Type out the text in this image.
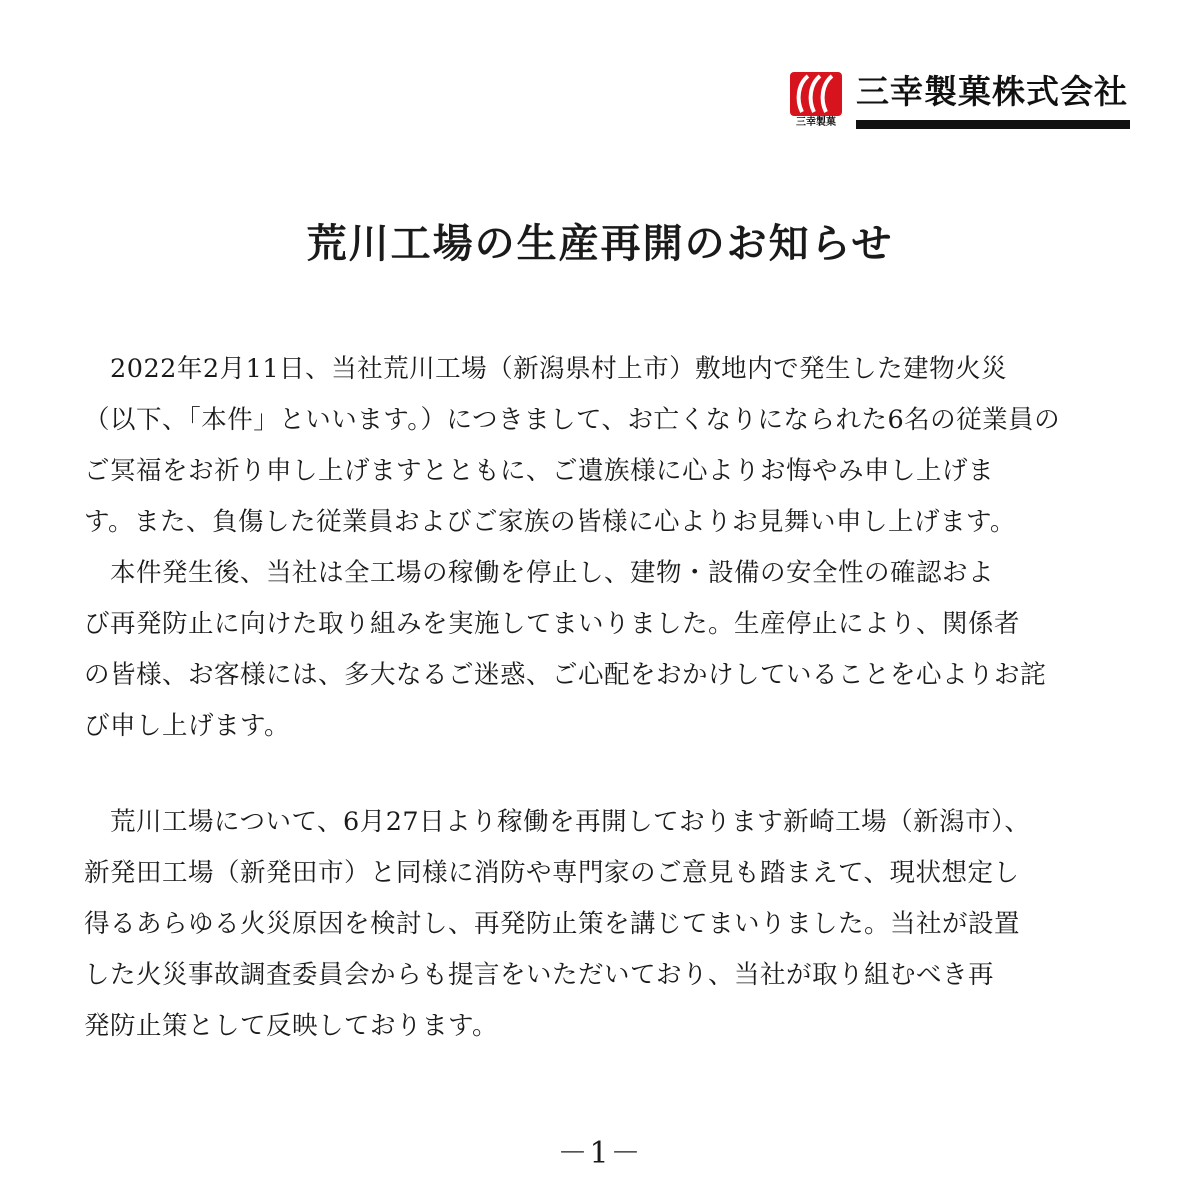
三幸製菓
三幸製菓株式会社
荒川工場の生産再開のお知らせ
　2022年2月11日、当社荒川工場（新潟県村上市）敷地内で発生した建物火災
（以下、「本件」といいます。）につきまして、お亡くなりになられた6名の従業員の
ご冥福をお祈り申し上げますとともに、ご遺族様に心よりお悔やみ申し上げま
す。また、負傷した従業員およびご家族の皆様に心よりお見舞い申し上げます。
　本件発生後、当社は全工場の稼働を停止し、建物・設備の安全性の確認およ
び再発防止に向けた取り組みを実施してまいりました。生産停止により、関係者
の皆様、お客様には、多大なるご迷惑、ご心配をおかけしていることを心よりお詫
び申し上げます。
　荒川工場について、6月27日より稼働を再開しております新崎工場（新潟市）、
新発田工場（新発田市）と同様に消防や専門家のご意見も踏まえて、現状想定し
得るあらゆる火災原因を検討し、再発防止策を講じてまいりました。当社が設置
した火災事故調査委員会からも提言をいただいており、当社が取り組むべき再
発防止策として反映しております。
－1－
